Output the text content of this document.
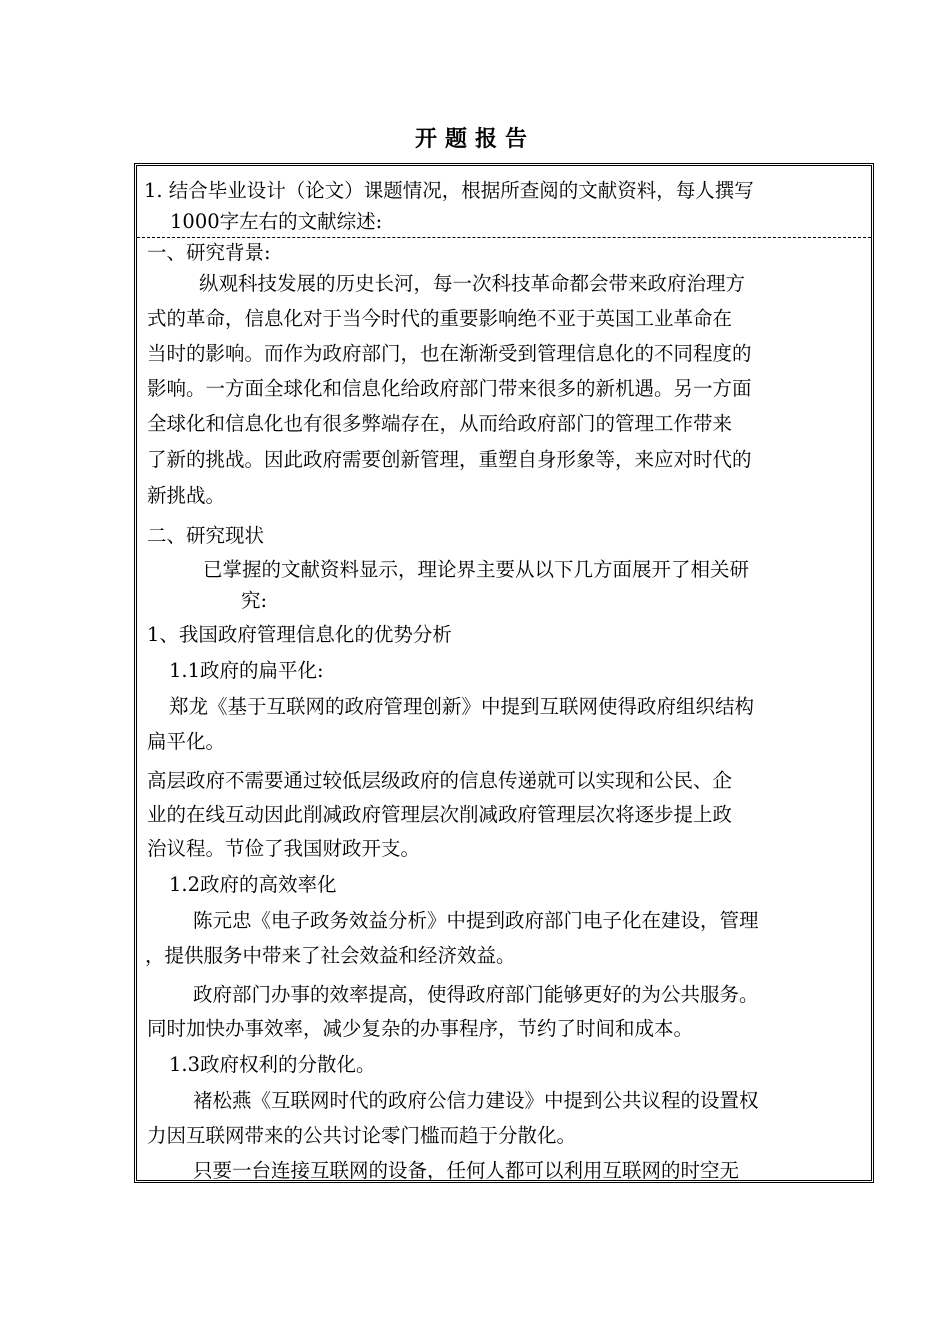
开题报告
1. 结合毕业设计（论文）课题情况，根据所查阅的文献资料，每人撰写
1000字左右的文献综述:
一、研究背景:
纵观科技发展的历史长河，每一次科技革命都会带来政府治理方
式的革命，信息化对于当今时代的重要影响绝不亚于英国工业革命在
当时的影响。而作为政府部门，也在渐渐受到管理信息化的不同程度的
影响。一方面全球化和信息化给政府部门带来很多的新机遇。另一方面
全球化和信息化也有很多弊端存在，从而给政府部门的管理工作带来
了新的挑战。因此政府需要创新管理，重塑自身形象等，来应对时代的
新挑战。
二、研究现状
已掌握的文献资料显示，理论界主要从以下几方面展开了相关研
究:
1、我国政府管理信息化的优势分析
1.1政府的扁平化:
郑龙《基于互联网的政府管理创新》中提到互联网使得政府组织结构
扁平化。
高层政府不需要通过较低层级政府的信息传递就可以实现和公民、企
业的在线互动因此削减政府管理层次削减政府管理层次将逐步提上政
治议程。节俭了我国财政开支。
1.2政府的高效率化
陈元忠《电子政务效益分析》中提到政府部门电子化在建设，管理
，提供服务中带来了社会效益和经济效益。
政府部门办事的效率提高，使得政府部门能够更好的为公共服务。
同时加快办事效率，减少复杂的办事程序，节约了时间和成本。
1.3政府权利的分散化。
褚松燕《互联网时代的政府公信力建设》中提到公共议程的设置权
力因互联网带来的公共讨论零门槛而趋于分散化。
只要一台连接互联网的设备，任何人都可以利用互联网的时空无
